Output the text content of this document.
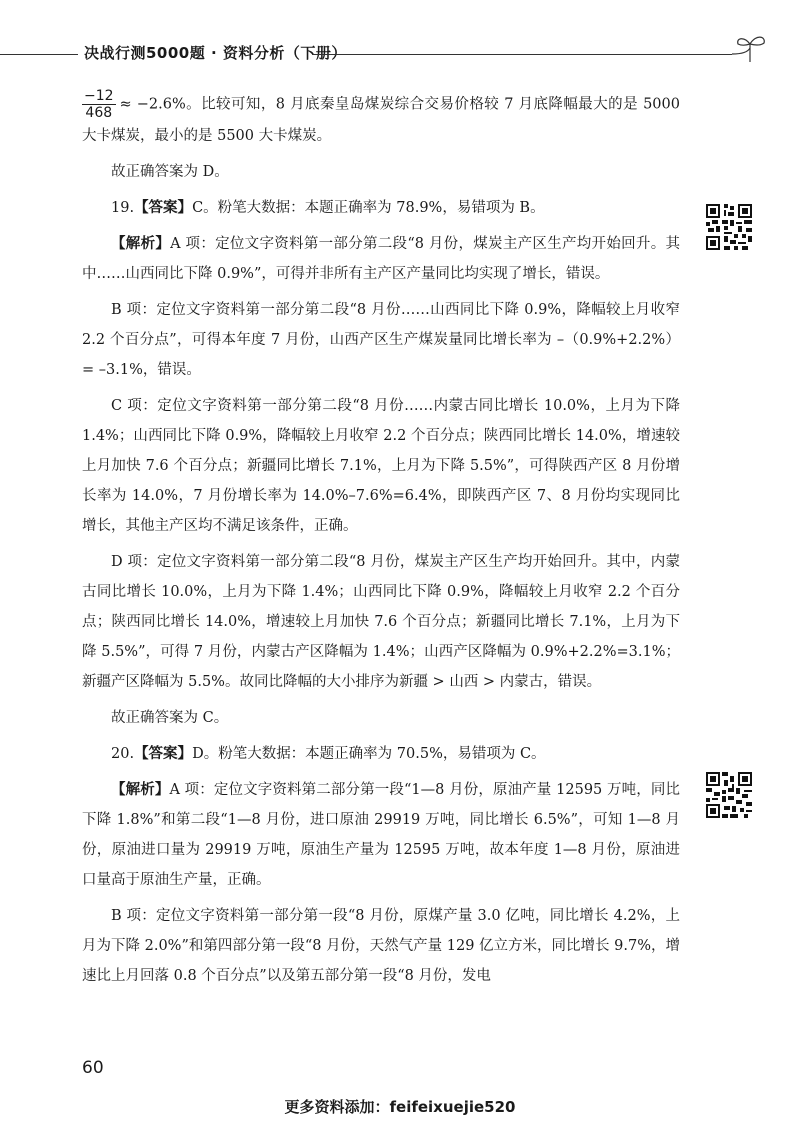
决战行测5000题 · 资料分析（下册）

$\frac{-12}{468} \approx -2.6\%$。比较可知，8 月底秦皇岛煤炭综合交易价格较 7 月底降幅最大的是 5000 大卡煤炭，最小的是 5500 大卡煤炭。

故正确答案为 D。

19.【答案】C。粉笔大数据：本题正确率为 78.9%，易错项为 B。

【解析】A 项：定位文字资料第一部分第二段“8 月份，煤炭主产区生产均开始回升。其中……山西同比下降 0.9%”，可得并非所有主产区产量同比均实现了增长，错误。

B 项：定位文字资料第一部分第二段“8 月份……山西同比下降 0.9%，降幅较上月收窄 2.2 个百分点”，可得本年度 7 月份，山西产区生产煤炭量同比增长率为 –（0.9%+2.2%）= –3.1%，错误。

C 项：定位文字资料第一部分第二段“8 月份……内蒙古同比增长 10.0%，上月为下降 1.4%；山西同比下降 0.9%，降幅较上月收窄 2.2 个百分点；陕西同比增长 14.0%，增速较上月加快 7.6 个百分点；新疆同比增长 7.1%，上月为下降 5.5%”，可得陕西产区 8 月份增长率为 14.0%，7 月份增长率为 14.0%–7.6%=6.4%，即陕西产区 7、8 月份均实现同比增长，其他主产区均不满足该条件，正确。

D 项：定位文字资料第一部分第二段“8 月份，煤炭主产区生产均开始回升。其中，内蒙古同比增长 10.0%，上月为下降 1.4%；山西同比下降 0.9%，降幅较上月收窄 2.2 个百分点；陕西同比增长 14.0%，增速较上月加快 7.6 个百分点；新疆同比增长 7.1%，上月为下降 5.5%”，可得 7 月份，内蒙古产区降幅为 1.4%；山西产区降幅为 0.9%+2.2%=3.1%；新疆产区降幅为 5.5%。故同比降幅的大小排序为新疆 > 山西 > 内蒙古，错误。

故正确答案为 C。

20.【答案】D。粉笔大数据：本题正确率为 70.5%，易错项为 C。

【解析】A 项：定位文字资料第二部分第一段“1—8 月份，原油产量 12595 万吨，同比下降 1.8%”和第二段“1—8 月份，进口原油 29919 万吨，同比增长 6.5%”，可知 1—8 月份，原油进口量为 29919 万吨，原油生产量为 12595 万吨，故本年度 1—8 月份，原油进口量高于原油生产量，正确。

B 项：定位文字资料第一部分第一段“8 月份，原煤产量 3.0 亿吨，同比增长 4.2%，上月为下降 2.0%”和第四部分第一段“8 月份，天然气产量 129 亿立方米，同比增长 9.7%，增速比上月回落 0.8 个百分点”以及第五部分第一段“8 月份，发电

60
更多资料添加：feifeixuejie520
